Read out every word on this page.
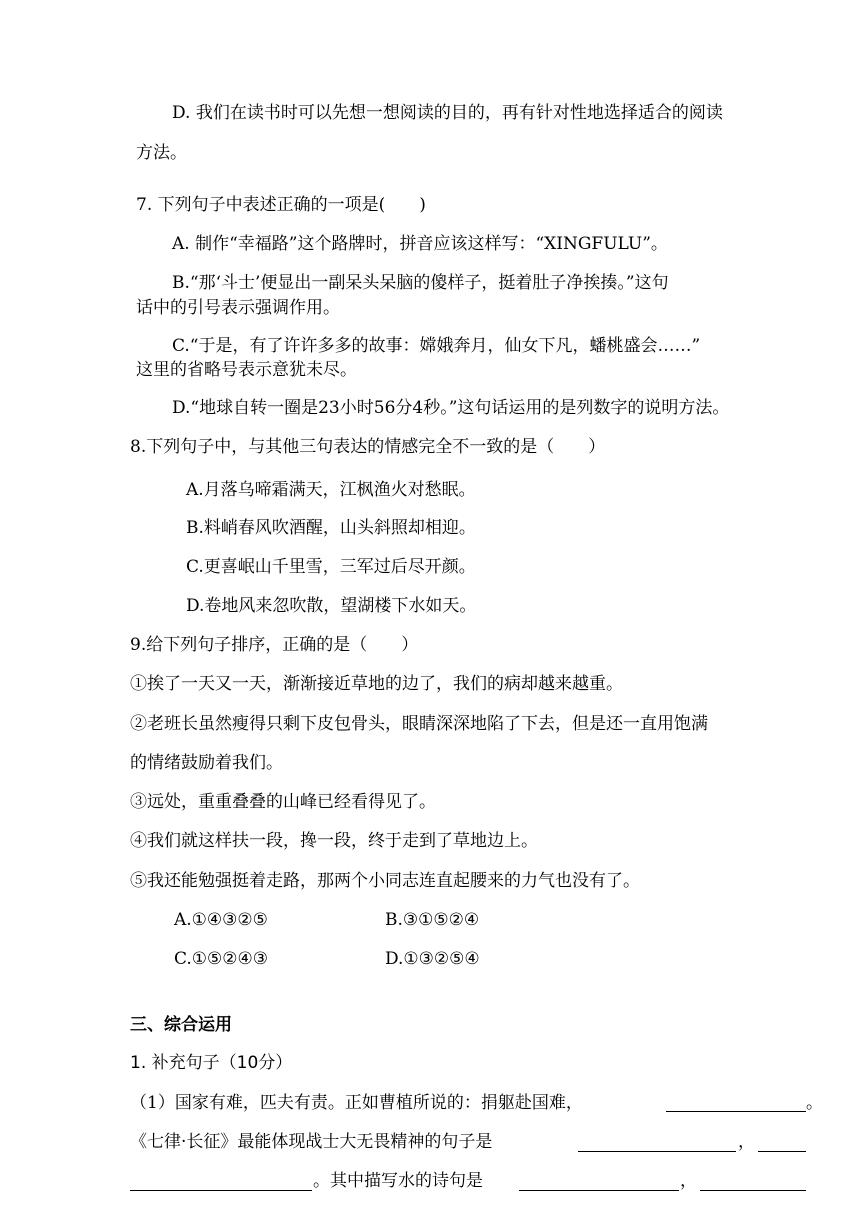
D. 我们在读书时可以先想一想阅读的目的，再有针对性地选择适合的阅读
方法。
7. 下列句子中表述正确的一项是(　　)
A. 制作“幸福路”这个路牌时，拼音应该这样写：“XINGFULU”。
B.“那‘斗士’便显出一副呆头呆脑的傻样子，挺着肚子净挨揍。”这句
话中的引号表示强调作用。
C.“于是，有了许许多多的故事：嫦娥奔月，仙女下凡，蟠桃盛会……”
这里的省略号表示意犹未尽。
D.“地球自转一圈是23小时56分4秒。”这句话运用的是列数字的说明方法。
8.下列句子中，与其他三句表达的情感完全不一致的是（　　）
A.月落乌啼霜满天，江枫渔火对愁眠。
B.料峭春风吹酒醒，山头斜照却相迎。
C.更喜岷山千里雪，三军过后尽开颜。
D.卷地风来忽吹散，望湖楼下水如天。
9.给下列句子排序，正确的是（　　）
①挨了一天又一天，渐渐接近草地的边了，我们的病却越来越重。
②老班长虽然瘦得只剩下皮包骨头，眼睛深深地陷了下去，但是还一直用饱满
的情绪鼓励着我们。
③远处，重重叠叠的山峰已经看得见了。
④我们就这样扶一段，搀一段，终于走到了草地边上。
⑤我还能勉强挺着走路，那两个小同志连直起腰来的力气也没有了。
A.①④③②⑤	B.③①⑤②④
C.①⑤②④③	D.①③②⑤④
三、综合运用
1. 补充句子（10分）
（1）国家有难，匹夫有责。正如曹植所说的：捐躯赴国难，	。
《七律·长征》最能体现战士大无畏精神的句子是	，
。其中描写水的诗句是	，
